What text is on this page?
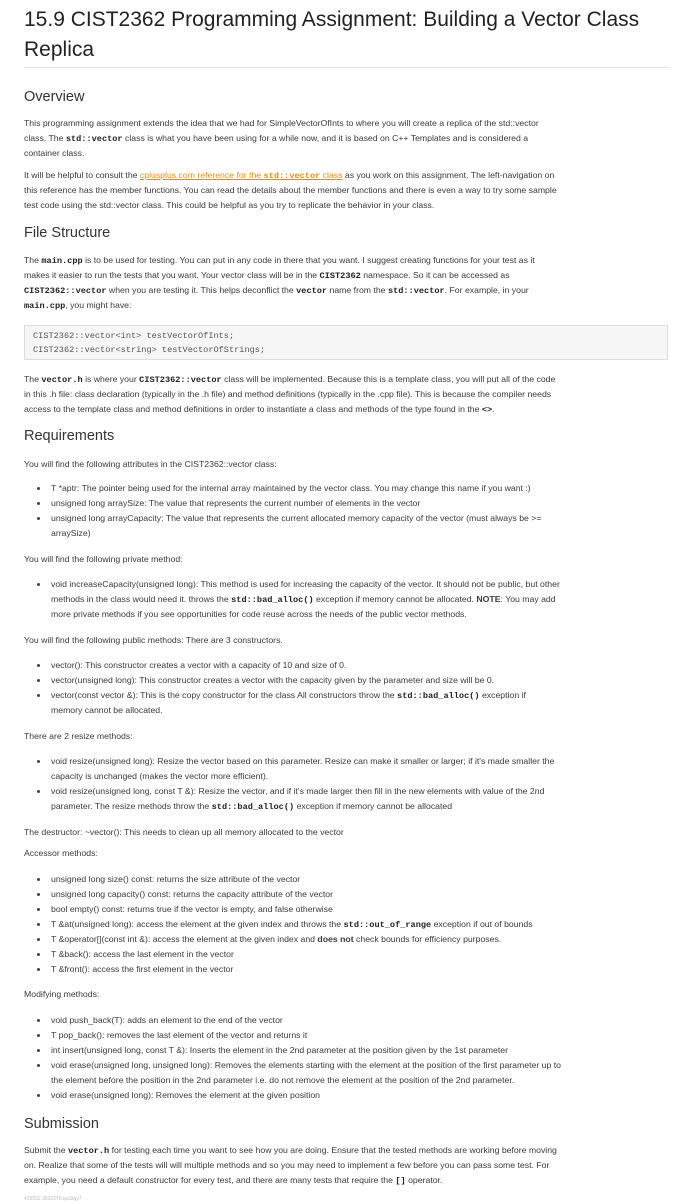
15.9 CIST2362 Programming Assignment: Building a Vector Class Replica
Overview

This programming assignment extends the idea that we had for SimpleVectorOfInts to where you will create a replica of the std::vector
class. The std::vector class is what you have been using for a while now, and it is based on C++ Templates and is considered a
container class.

It will be helpful to consult the cplusplus.com reference for the std::vector class as you work on this assignment. The left-navigation on
this reference has the member functions. You can read the details about the member functions and there is even a way to try some sample
test code using the std::vector class. This could be helpful as you try to replicate the behavior in your class.

File Structure

The main.cpp is to be used for testing. You can put in any code in there that you want. I suggest creating functions for your test as it
makes it easier to run the tests that you want. Your vector class will be in the CIST2362 namespace. So it can be accessed as
CIST2362::vector when you are testing it. This helps deconflict the vector name from the std::vector. For example, in your
main.cpp, you might have:

CIST2362::vector<int> testVectorOfInts;
CIST2362::vector<string> testVectorOfStrings;

The vector.h is where your CIST2362::vector class will be implemented. Because this is a template class, you will put all of the code
in this .h file: class declaration (typically in the .h file) and method definitions (typically in the .cpp file). This is because the compiler needs
access to the template class and method definitions in order to instantiate a class and methods of the type found in the <>.

Requirements

You will find the following attributes in the CIST2362::vector class:

T *aptr: The pointer being used for the internal array maintained by the vector class. You may change this name if you want :)
unsigned long arraySize: The value that represents the current number of elements in the vector
unsigned long arrayCapacity: The value that represents the current allocated memory capacity of the vector (must always be >=
arraySize)

You will find the following private method:

void increaseCapacity(unsigned long): This method is used for increasing the capacity of the vector. It should not be public, but other
methods in the class would need it. throws the std::bad_alloc() exception if memory cannot be allocated. NOTE: You may add
more private methods if you see opportunities for code reuse across the needs of the public vector methods.

You will find the following public methods: There are 3 constructors.

vector(): This constructor creates a vector with a capacity of 10 and size of 0.
vector(unsigned long): This constructor creates a vector with the capacity given by the parameter and size will be 0.
vector(const vector &): This is the copy constructor for the class All constructors throw the std::bad_alloc() exception if
memory cannot be allocated.

There are 2 resize methods:

void resize(unsigned long): Resize the vector based on this parameter. Resize can make it smaller or larger; if it's made smaller the
capacity is unchanged (makes the vector more efficient).
void resize(unsigned long, const T &): Resize the vector, and if it's made larger then fill in the new elements with value of the 2nd
parameter. The resize methods throw the std::bad_alloc() exception if memory cannot be allocated

The destructor: ~vector(): This needs to clean up all memory allocated to the vector

Accessor methods:

unsigned long size() const: returns the size attribute of the vector
unsigned long capacity() const: returns the capacity attribute of the vector
bool empty() const: returns true if the vector is empty, and false otherwise
T &at(unsigned long): access the element at the given index and throws the std::out_of_range exception if out of bounds
T &operator[](const int &): access the element at the given index and does not check bounds for efficiency purposes.
T &back(): access the last element in the vector
T &front(): access the first element in the vector

Modifying methods:

void push_back(T): adds an element to the end of the vector
T pop_back(): removes the last element of the vector and returns it
int insert(unsigned long, const T &): Inserts the element in the 2nd parameter at the position given by the 1st parameter
void erase(unsigned long, unsigned long): Removes the elements starting with the element at the position of the first parameter up to
the element before the position in the 2nd parameter i.e. do not remove the element at the position of the 2nd parameter.
void erase(unsigned long): Removes the element at the given position
Submission

Submit the vector.h for testing each time you want to see how you are doing. Ensure that the tested methods are working before moving
on. Realize that some of the tests will will multiple methods and so you may need to implement a few before you can pass some test. For
example, you need a default constructor for every test, and there are many tests that require the [] operator.

419932.3632270.qx3zqy7
